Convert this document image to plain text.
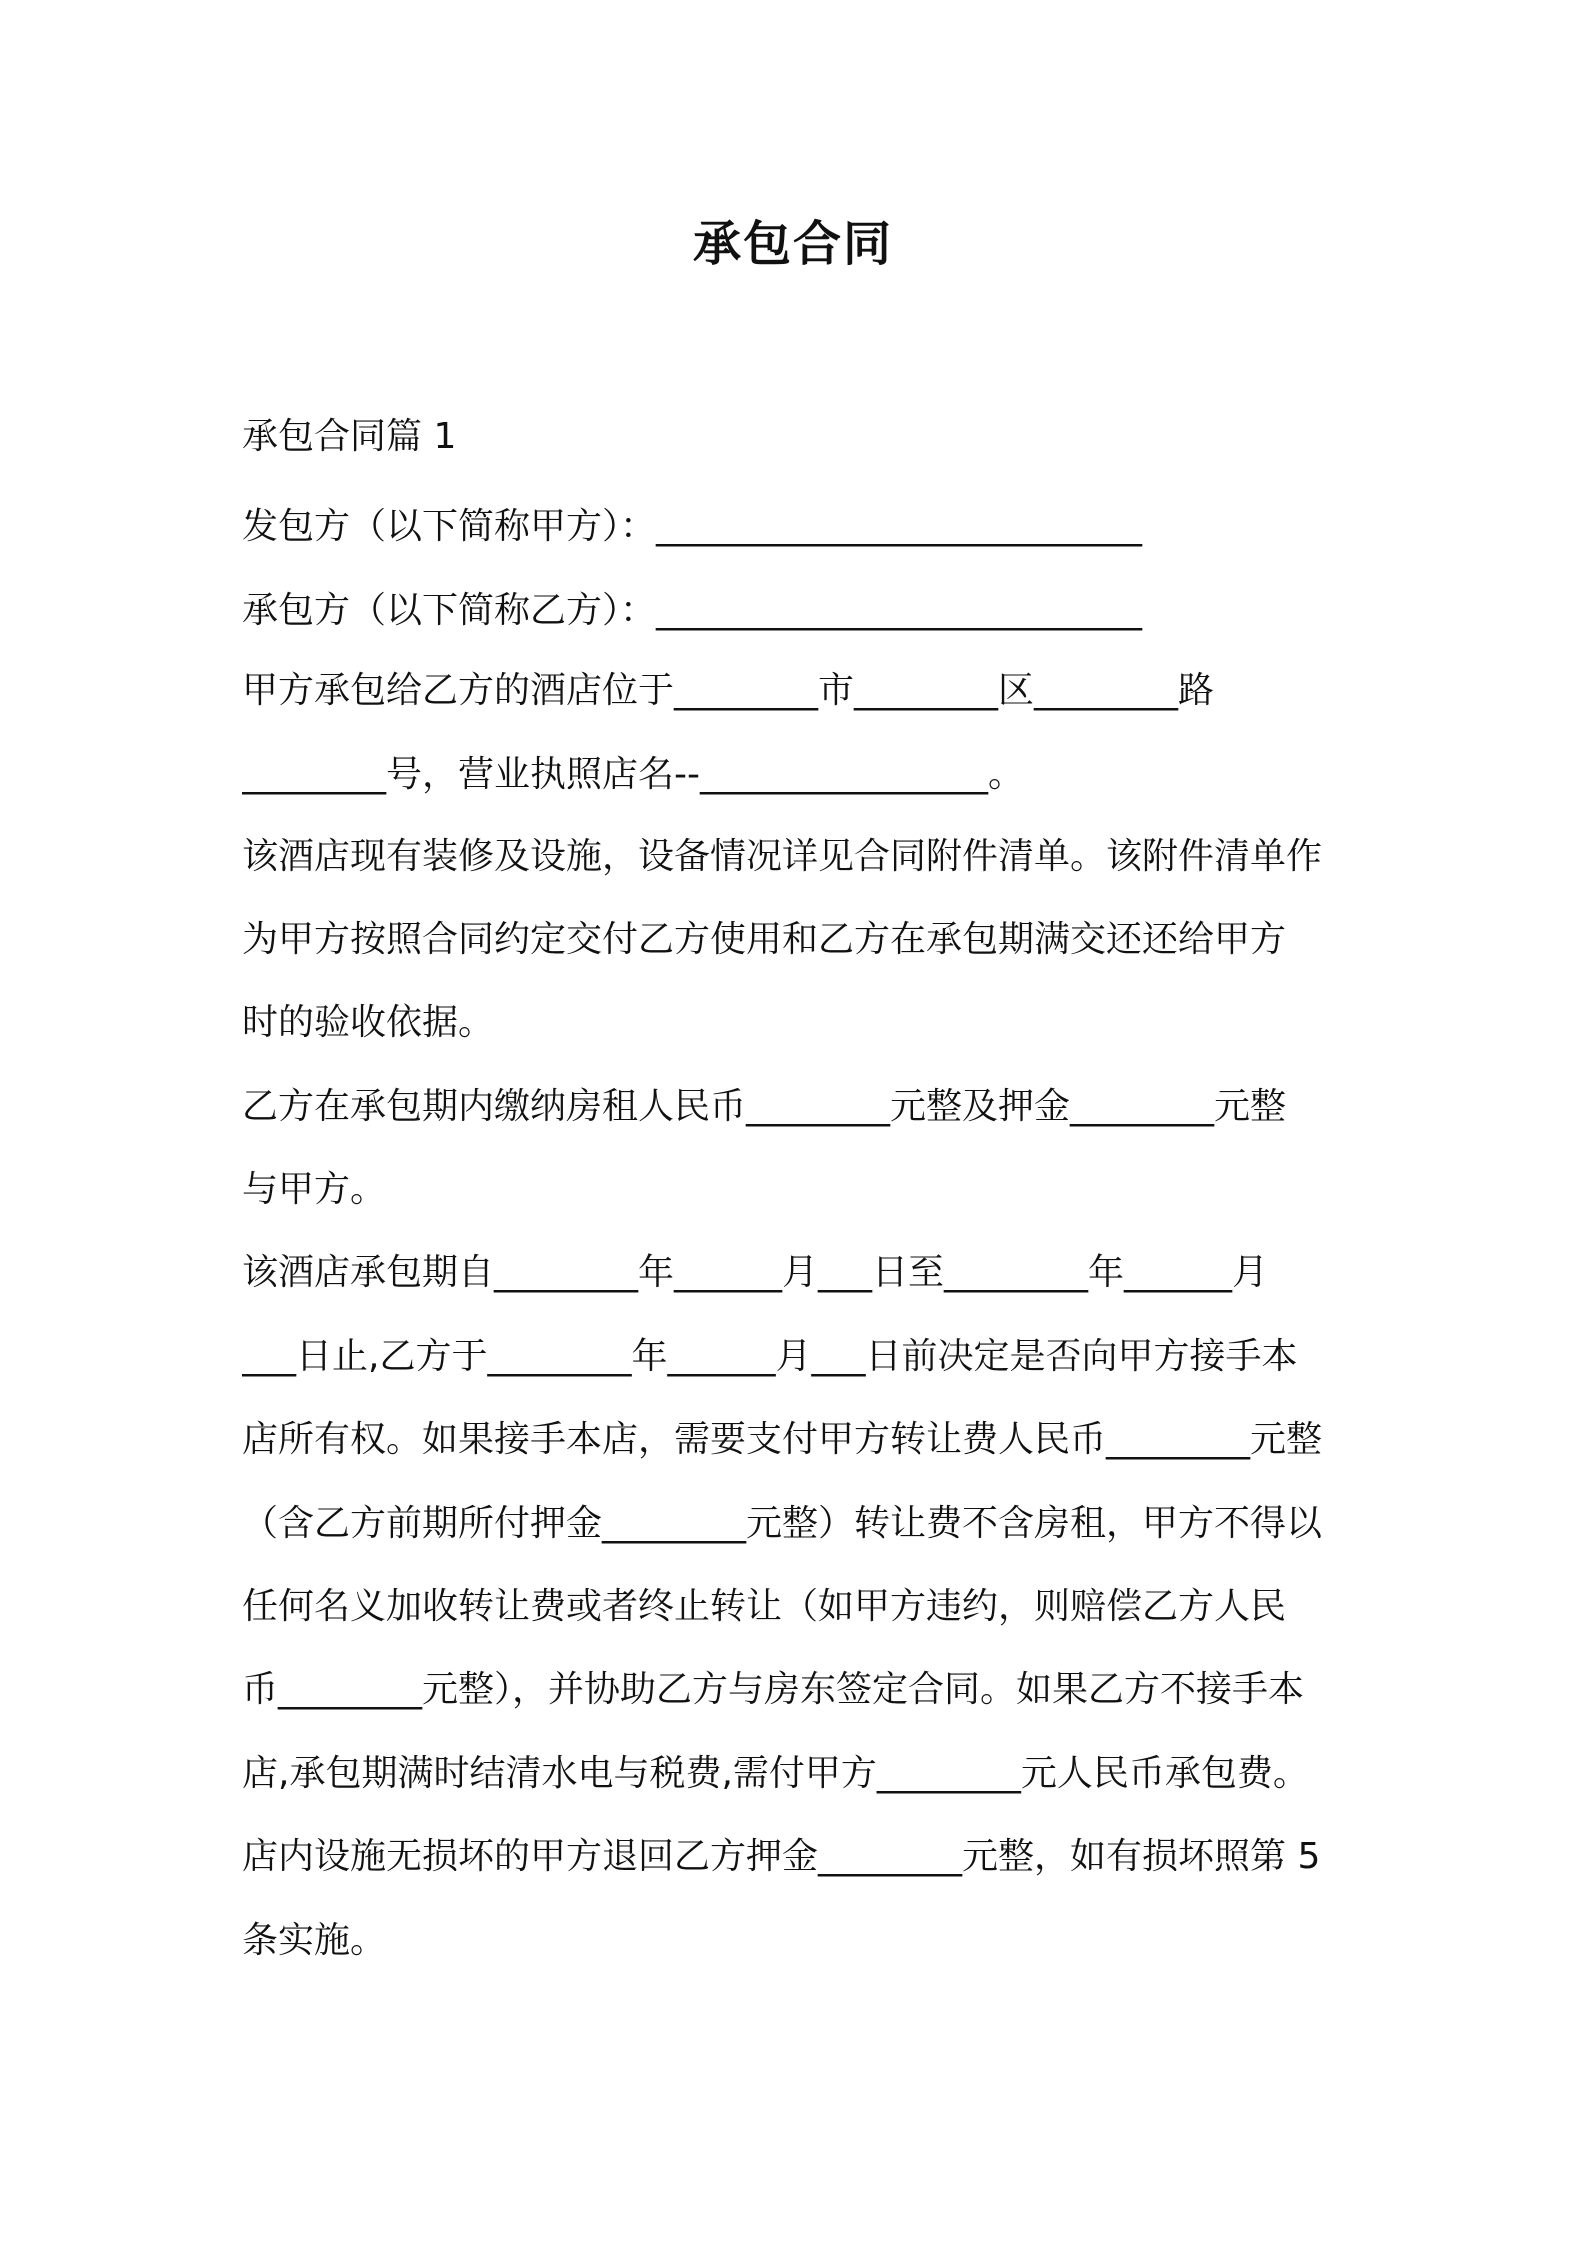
承包合同
承包合同篇 1
发包方（以下简称甲方）：___________________________
承包方（以下简称乙方）：___________________________
甲方承包给乙方的酒店位于________市________区________路
________号，营业执照店名--________________。
该酒店现有装修及设施，设备情况详见合同附件清单。该附件清单作
为甲方按照合同约定交付乙方使用和乙方在承包期满交还还给甲方
时的验收依据。
乙方在承包期内缴纳房租人民币________元整及押金________元整
与甲方。
该酒店承包期自________年______月___日至________年______月
___日止,乙方于________年______月___日前决定是否向甲方接手本
店所有权。如果接手本店，需要支付甲方转让费人民币________元整
（含乙方前期所付押金________元整）转让费不含房租，甲方不得以
任何名义加收转让费或者终止转让（如甲方违约，则赔偿乙方人民
币________元整），并协助乙方与房东签定合同。如果乙方不接手本
店,承包期满时结清水电与税费,需付甲方________元人民币承包费。
店内设施无损坏的甲方退回乙方押金________元整，如有损坏照第 5
条实施。
